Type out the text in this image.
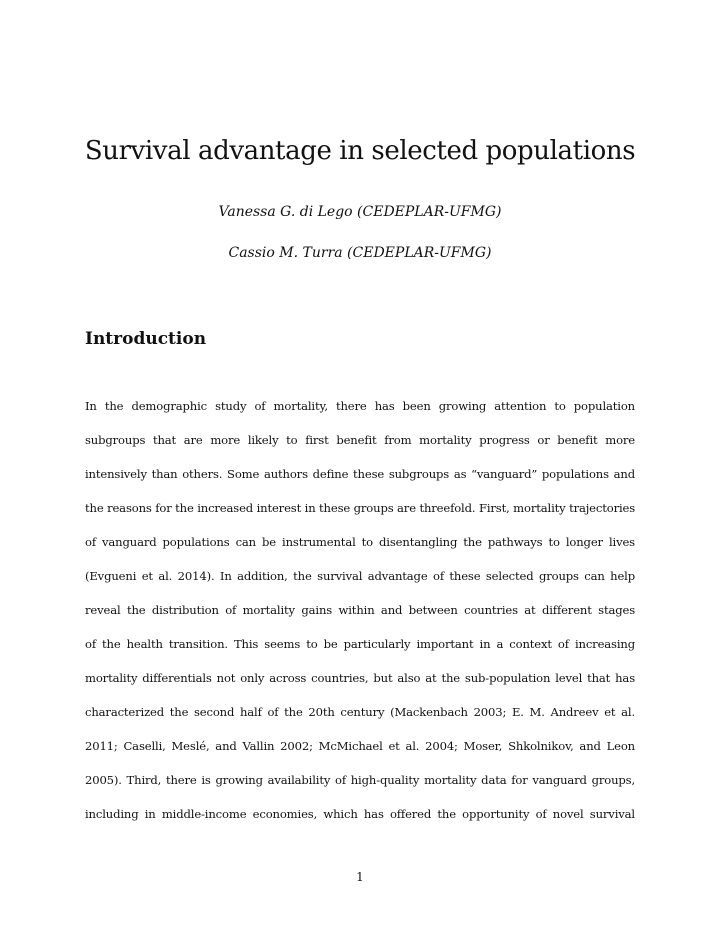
Survival advantage in selected populations

Vanessa G. di Lego (CEDEPLAR-UFMG)

Cassio M. Turra (CEDEPLAR-UFMG)

Introduction
In the demographic study of mortality, there has been growing attention to population
subgroups that are more likely to first benefit from mortality progress or benefit more
intensively than others. Some authors define these subgroups as “vanguard” populations and
the reasons for the increased interest in these groups are threefold. First, mortality trajectories
of vanguard populations can be instrumental to disentangling the pathways to longer lives
(Evgueni et al. 2014). In addition, the survival advantage of these selected groups can help
reveal the distribution of mortality gains within and between countries at different stages
of the health transition. This seems to be particularly important in a context of increasing
mortality differentials not only across countries, but also at the sub-population level that has
characterized the second half of the 20th century (Mackenbach 2003; E. M. Andreev et al.
2011; Caselli, Meslé, and Vallin 2002; McMichael et al. 2004; Moser, Shkolnikov, and Leon
2005). Third, there is growing availability of high-quality mortality data for vanguard groups,
including in middle-income economies, which has offered the opportunity of novel survival

1
